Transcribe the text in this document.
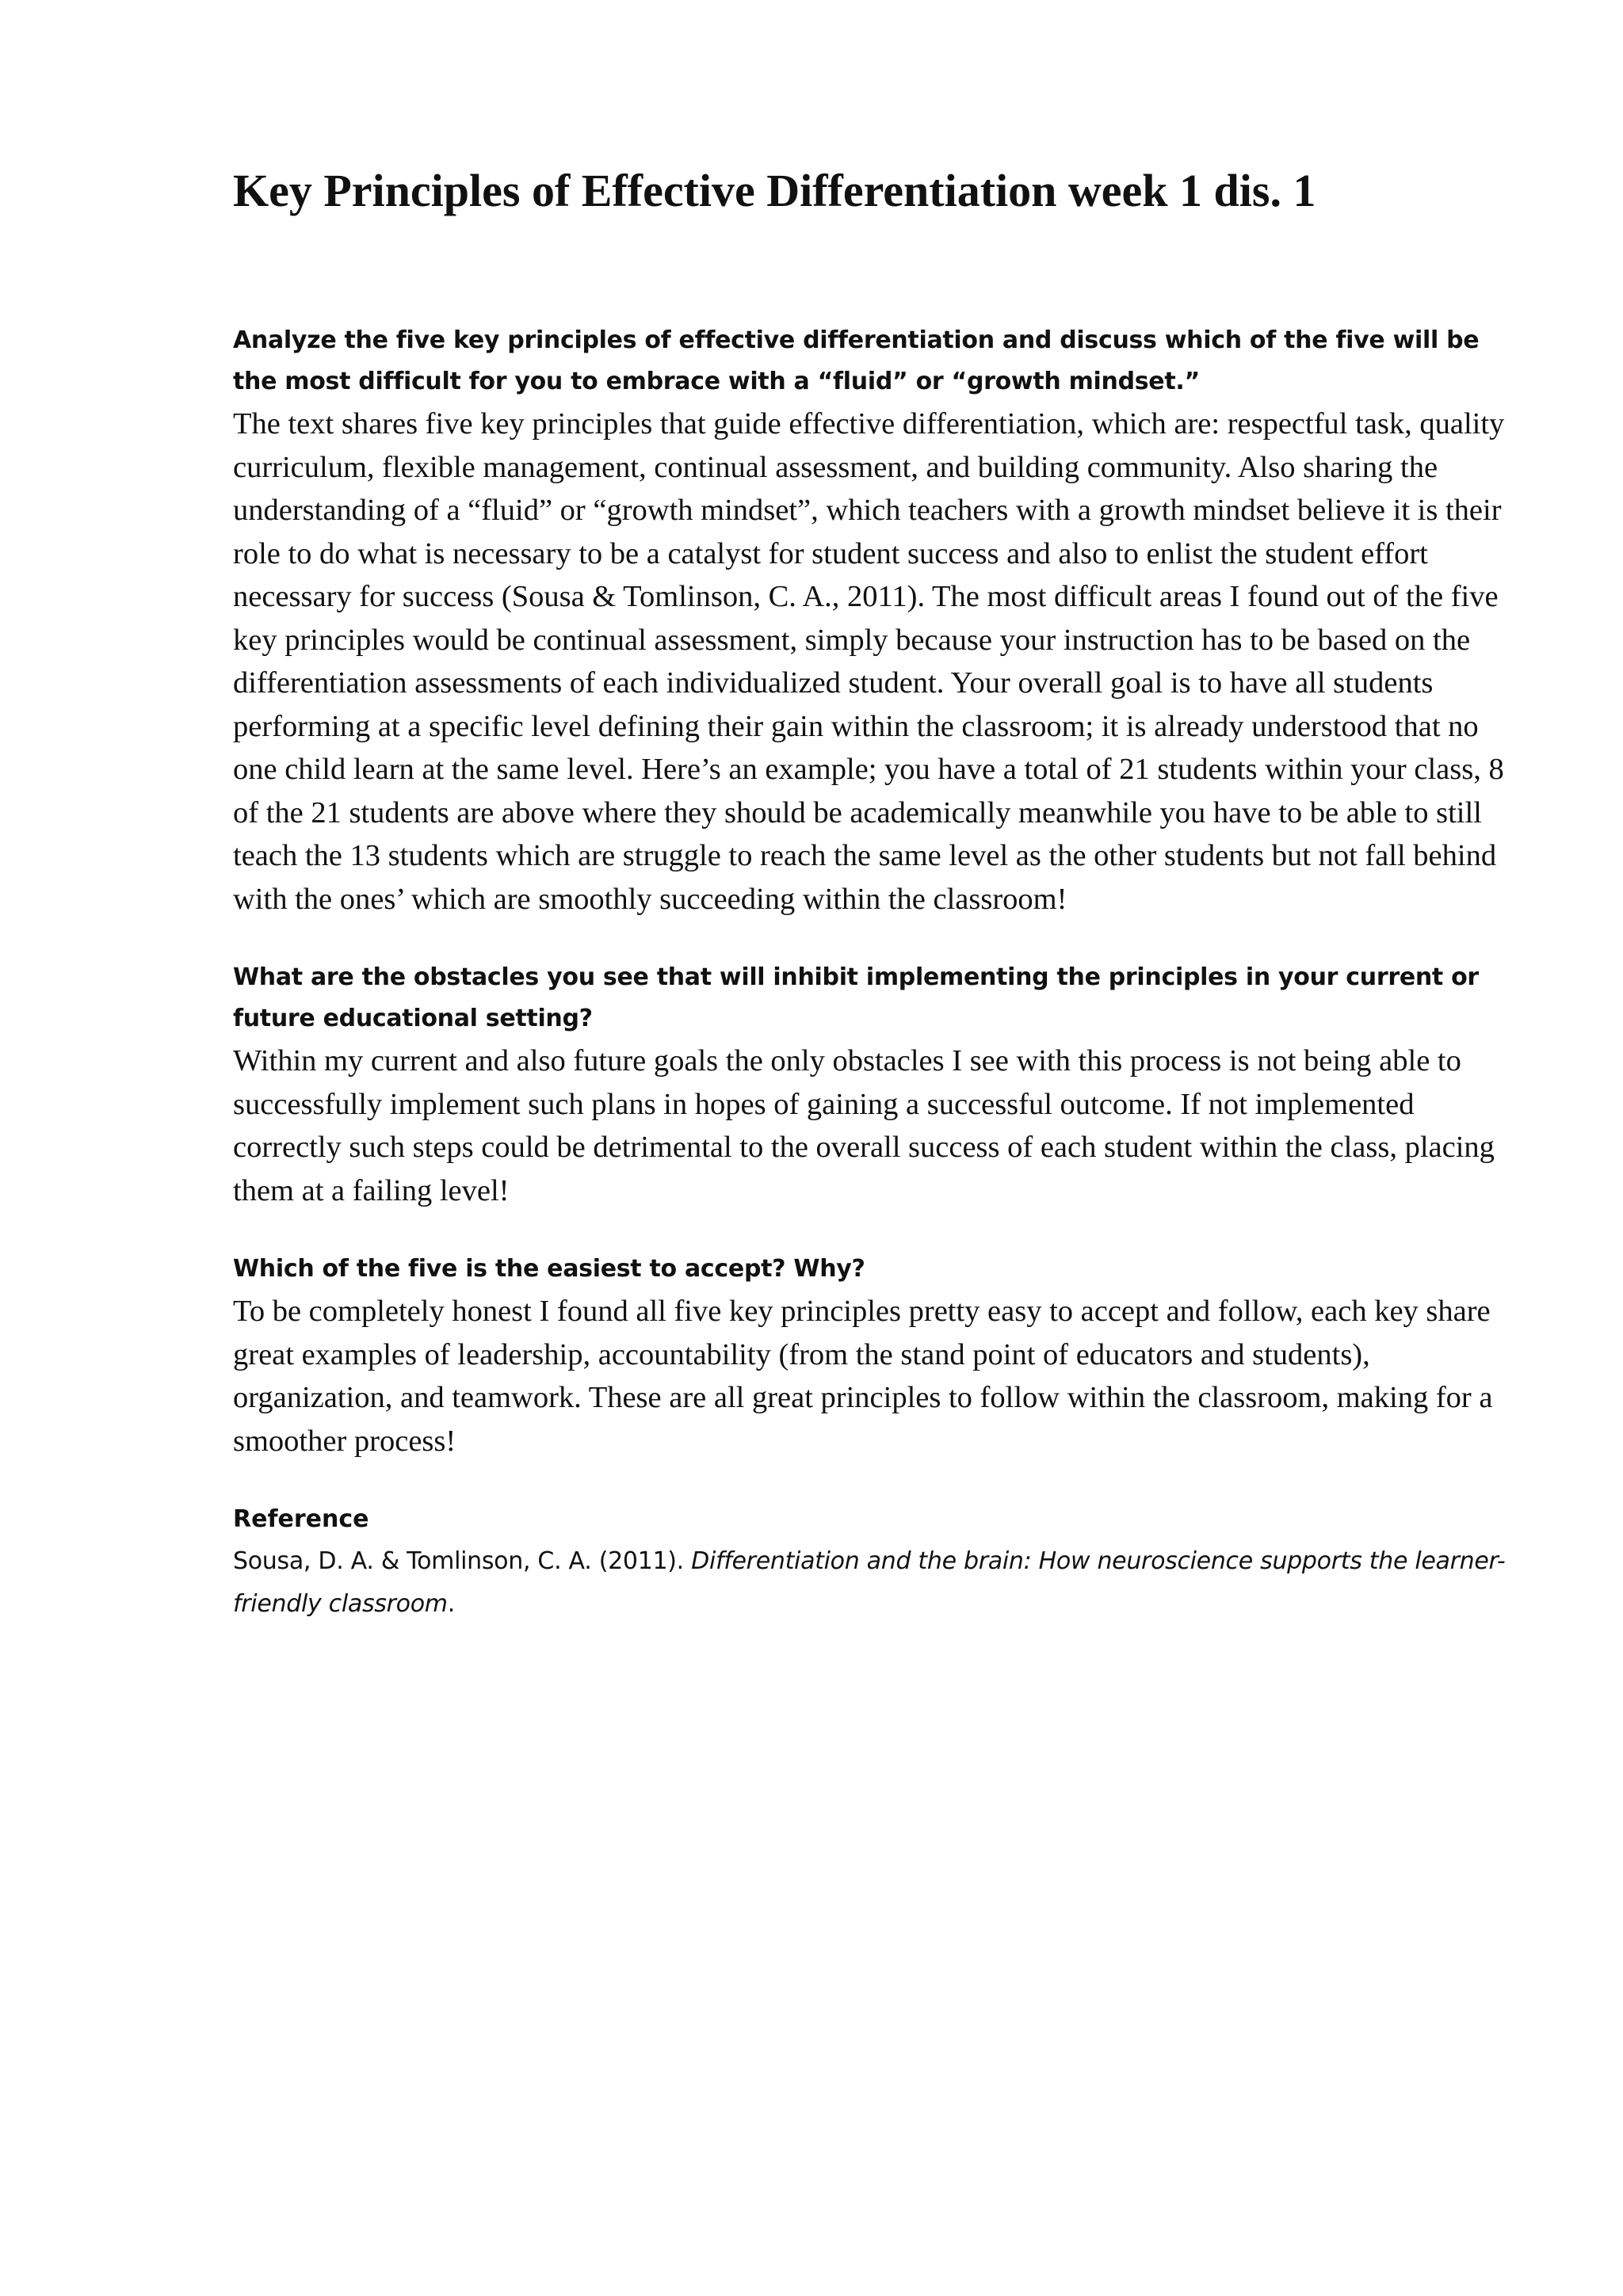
Key Principles of Effective Differentiation week 1 dis. 1

Analyze the five key principles of effective differentiation and discuss which of the five will be the most difficult for you to embrace with a “fluid” or “growth mindset.”

The text shares five key principles that guide effective differentiation, which are: respectful task, quality curriculum, flexible management, continual assessment, and building community. Also sharing the understanding of a “fluid” or “growth mindset”, which teachers with a growth mindset believe it is their role to do what is necessary to be a catalyst for student success and also to enlist the student effort necessary for success (Sousa & Tomlinson, C. A., 2011). The most difficult areas I found out of the five key principles would be continual assessment, simply because your instruction has to be based on the differentiation assessments of each individualized student. Your overall goal is to have all students performing at a specific level defining their gain within the classroom; it is already understood that no one child learn at the same level. Here’s an example; you have a total of 21 students within your class, 8 of the 21 students are above where they should be academically meanwhile you have to be able to still teach the 13 students which are struggle to reach the same level as the other students but not fall behind with the ones’ which are smoothly succeeding within the classroom!

What are the obstacles you see that will inhibit implementing the principles in your current or future educational setting?

Within my current and also future goals the only obstacles I see with this process is not being able to successfully implement such plans in hopes of gaining a successful outcome. If not implemented correctly such steps could be detrimental to the overall success of each student within the class, placing them at a failing level!

Which of the five is the easiest to accept? Why?

To be completely honest I found all five key principles pretty easy to accept and follow, each key share great examples of leadership, accountability (from the stand point of educators and students), organization, and teamwork. These are all great principles to follow within the classroom, making for a smoother process!

Reference

Sousa, D. A. & Tomlinson, C. A. (2011). Differentiation and the brain: How neuroscience supports the learner-friendly classroom.
